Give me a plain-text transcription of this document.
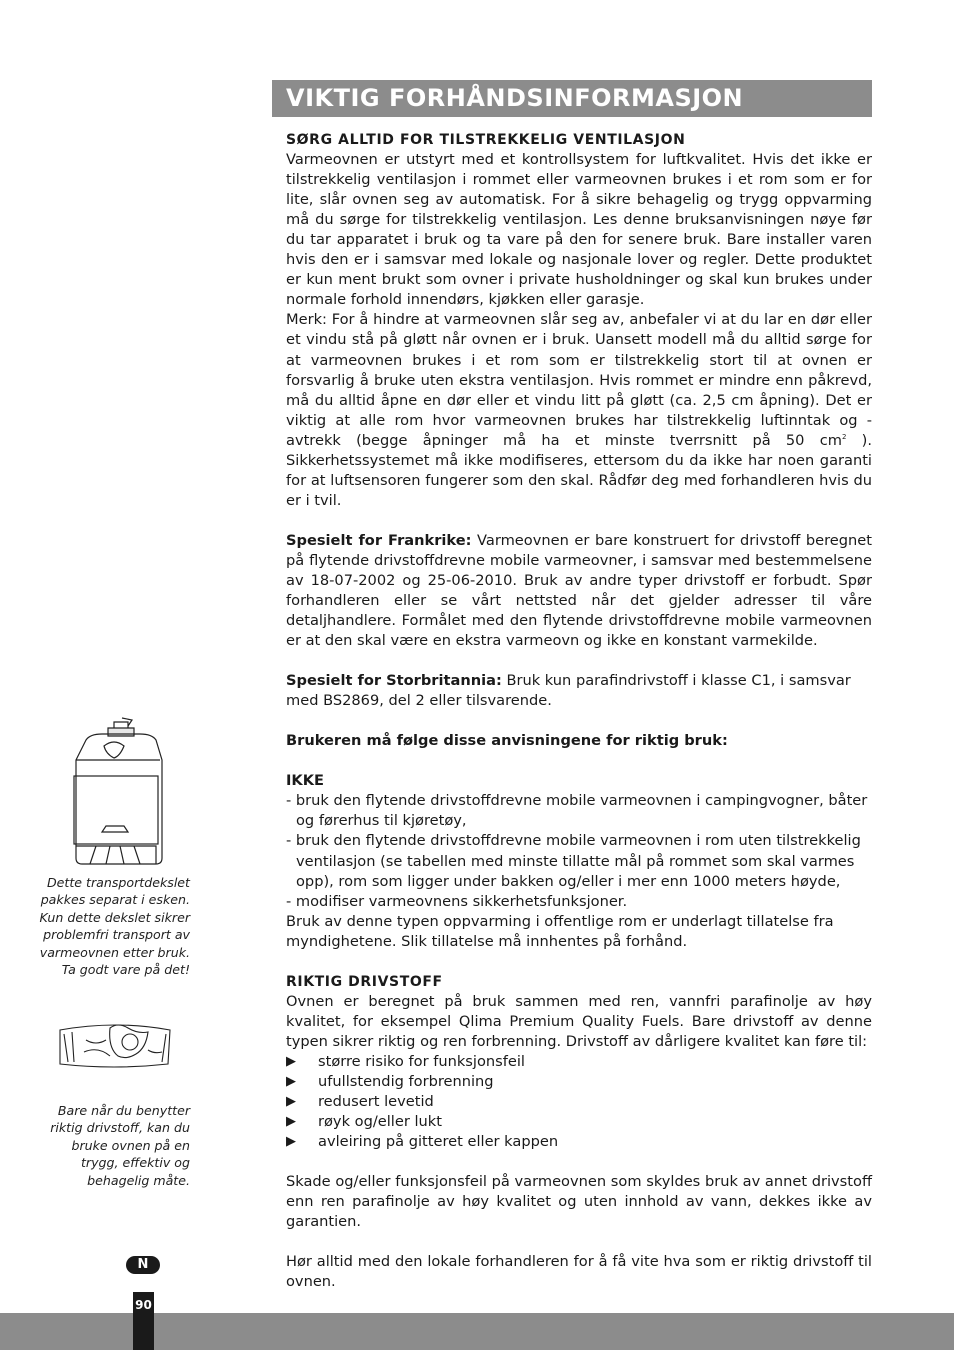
VIKTIG FORHÅNDSINFORMASJON
Dette transportdekslet pakkes separat i esken. Kun dette dekslet sikrer problemfri transport av varmeovnen etter bruk. Ta godt vare på det!
Bare når du benytter riktig drivstoff, kan du bruke ovnen på en trygg, effektiv og behagelig måte.

SØRG ALLTID FOR TILSTREKKELIG VENTILASJON

Varmeovnen er utstyrt med et kontrollsystem for luftkvalitet. Hvis det ikke er tilstrekkelig ventilasjon i rommet eller varmeovnen brukes i et rom som er for lite, slår ovnen seg av automatisk. For å sikre behagelig og trygg oppvarming må du sørge for tilstrekkelig ventilasjon. Les denne bruksanvisningen nøye før du tar apparatet i bruk og ta vare på den for senere bruk. Bare installer varen hvis den er i samsvar med lokale og nasjonale lover og regler. Dette produktet er kun ment brukt som ovner i private husholdninger og skal kun brukes under normale forhold innendørs, kjøkken eller garasje.

Merk: For å hindre at varmeovnen slår seg av, anbefaler vi at du lar en dør eller et vindu stå på gløtt når ovnen er i bruk. Uansett modell må du alltid sørge for at varmeovnen brukes i et rom som er tilstrekkelig stort til at ovnen er forsvarlig å bruke uten ekstra ventilasjon. Hvis rommet er mindre enn påkrevd, må du alltid åpne en dør eller et vindu litt på gløtt (ca. 2,5 cm åpning). Det er viktig at alle rom hvor varmeovnen brukes har tilstrekkelig luftinntak og -avtrekk (begge åpninger må ha et minste tverrsnitt på 50 $cm^2$ ). Sikkerhetssystemet må ikke modifiseres, ettersom du da ikke har noen garanti for at luftsensoren fungerer som den skal. Rådfør deg med forhandleren hvis du er i tvil.

Spesielt for Frankrike: Varmeovnen er bare konstruert for drivstoff beregnet på flytende drivstoffdrevne mobile varmeovner, i samsvar med bestemmelsene av 18-07-2002 og 25-06-2010. Bruk av andre typer drivstoff er forbudt. Spør forhandleren eller se vårt nettsted når det gjelder adresser til våre detaljhandlere. Formålet med den flytende drivstoffdrevne mobile varmeovnen er at den skal være en ekstra varmeovn og ikke en konstant varmekilde.

Spesielt for Storbritannia: Bruk kun parafindrivstoff i klasse C1, i samsvar med BS2869, del 2 eller tilsvarende.

Brukeren må følge disse anvisningene for riktig bruk:

IKKE

- bruk den flytende drivstoffdrevne mobile varmeovnen i campingvogner, båter og førerhus til kjøretøy,

- bruk den flytende drivstoffdrevne mobile varmeovnen i rom uten tilstrekkelig ventilasjon (se tabellen med minste tillatte mål på rommet som skal varmes opp), rom som ligger under bakken og/eller i mer enn 1000 meters høyde,

- modifiser varmeovnens sikkerhetsfunksjoner.

Bruk av denne typen oppvarming i offentlige rom er underlagt tillatelse fra myndighetene. Slik tillatelse må innhentes på forhånd.

RIKTIG DRIVSTOFF

Ovnen er beregnet på bruk sammen med ren, vannfri parafinolje av høy kvalitet, for eksempel Qlima Premium Quality Fuels. Bare drivstoff av denne typen sikrer riktig og ren forbrenning. Drivstoff av dårligere kvalitet kan føre til:

▶	større risiko for funksjonsfeil
▶	ufullstendig forbrenning
▶	redusert levetid
▶	røyk og/eller lukt
▶	avleiring på gitteret eller kappen

Skade og/eller funksjonsfeil på varmeovnen som skyldes bruk av annet drivstoff enn ren parafinolje av høy kvalitet og uten innhold av vann, dekkes ikke av garantien.

Hør alltid med den lokale forhandleren for å få vite hva som er riktig drivstoff til ovnen.

N
90
